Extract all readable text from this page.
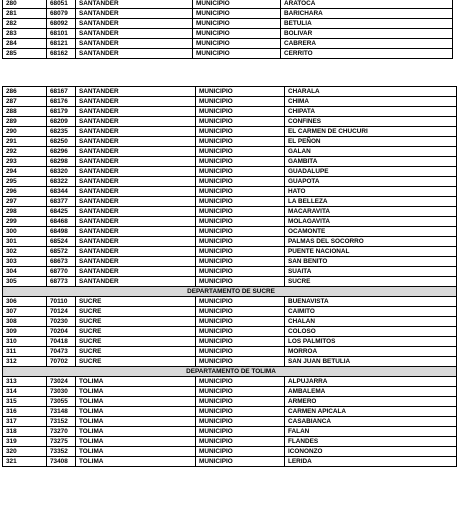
280	68051	SANTANDER	MUNICIPIO	ARATOCA
281	68079	SANTANDER	MUNICIPIO	BARICHARA
282	68092	SANTANDER	MUNICIPIO	BETULIA
283	68101	SANTANDER	MUNICIPIO	BOLIVAR
284	68121	SANTANDER	MUNICIPIO	CABRERA
285	68162	SANTANDER	MUNICIPIO	CERRITO
286	68167	SANTANDER	MUNICIPIO	CHARALA
287	68176	SANTANDER	MUNICIPIO	CHIMA
288	68179	SANTANDER	MUNICIPIO	CHIPATA
289	68209	SANTANDER	MUNICIPIO	CONFINES
290	68235	SANTANDER	MUNICIPIO	EL CARMEN DE CHUCURI
291	68250	SANTANDER	MUNICIPIO	EL PEÑON
292	68296	SANTANDER	MUNICIPIO	GALAN
293	68298	SANTANDER	MUNICIPIO	GAMBITA
294	68320	SANTANDER	MUNICIPIO	GUADALUPE
295	68322	SANTANDER	MUNICIPIO	GUAPOTA
296	68344	SANTANDER	MUNICIPIO	HATO
297	68377	SANTANDER	MUNICIPIO	LA BELLEZA
298	68425	SANTANDER	MUNICIPIO	MACARAVITA
299	68468	SANTANDER	MUNICIPIO	MOLAGAVITA
300	68498	SANTANDER	MUNICIPIO	OCAMONTE
301	68524	SANTANDER	MUNICIPIO	PALMAS DEL SOCORRO
302	68572	SANTANDER	MUNICIPIO	PUENTE NACIONAL
303	68673	SANTANDER	MUNICIPIO	SAN BENITO
304	68770	SANTANDER	MUNICIPIO	SUAITA
305	68773	SANTANDER	MUNICIPIO	SUCRE
DEPARTAMENTO DE SUCRE				
306	70110	SUCRE	MUNICIPIO	BUENAVISTA
307	70124	SUCRE	MUNICIPIO	CAIMITO
308	70230	SUCRE	MUNICIPIO	CHALAN
309	70204	SUCRE	MUNICIPIO	COLOSO
310	70418	SUCRE	MUNICIPIO	LOS PALMITOS
311	70473	SUCRE	MUNICIPIO	MORROA
312	70702	SUCRE	MUNICIPIO	SAN JUAN BETULIA
DEPARTAMENTO DE TOLIMA				
313	73024	TOLIMA	MUNICIPIO	ALPUJARRA
314	73030	TOLIMA	MUNICIPIO	AMBALEMA
315	73055	TOLIMA	MUNICIPIO	ARMERO
316	73148	TOLIMA	MUNICIPIO	CARMEN APICALA
317	73152	TOLIMA	MUNICIPIO	CASABIANCA
318	73270	TOLIMA	MUNICIPIO	FALAN
319	73275	TOLIMA	MUNICIPIO	FLANDES
320	73352	TOLIMA	MUNICIPIO	ICONONZO
321	73408	TOLIMA	MUNICIPIO	LERIDA
